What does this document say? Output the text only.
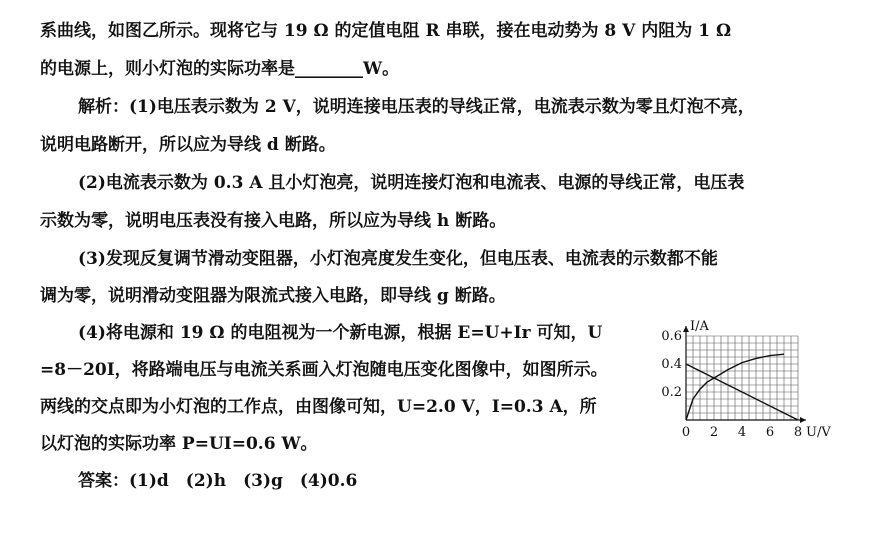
系曲线，如图乙所示。现将它与 19 Ω 的定值电阻 R 串联，接在电动势为 8 V 内阻为 1 Ω
的电源上，则小灯泡的实际功率是________W。
解析：(1)电压表示数为 2 V，说明连接电压表的导线正常，电流表示数为零且灯泡不亮，
说明电路断开，所以应为导线 d 断路。
(2)电流表示数为 0.3 A 且小灯泡亮，说明连接灯泡和电流表、电源的导线正常，电压表
示数为零，说明电压表没有接入电路，所以应为导线 h 断路。
(3)发现反复调节滑动变阻器，小灯泡亮度发生变化，但电压表、电流表的示数都不能
调为零，说明滑动变阻器为限流式接入电路，即导线 g 断路。
(4)将电源和 19 Ω 的电阻视为一个新电源，根据 E=U+Ir 可知，U
=8－20I，将路端电压与电流关系画入灯泡随电压变化图像中，如图所示。
两线的交点即为小灯泡的工作点，由图像可知，U=2.0 V，I=0.3 A，所
以灯泡的实际功率 P=UI=0.6 W。
答案：(1)d　(2)h　(3)g　(4)0.6
0 2 4 6 8
0.2
0.4
0.6
U/V
I/A
